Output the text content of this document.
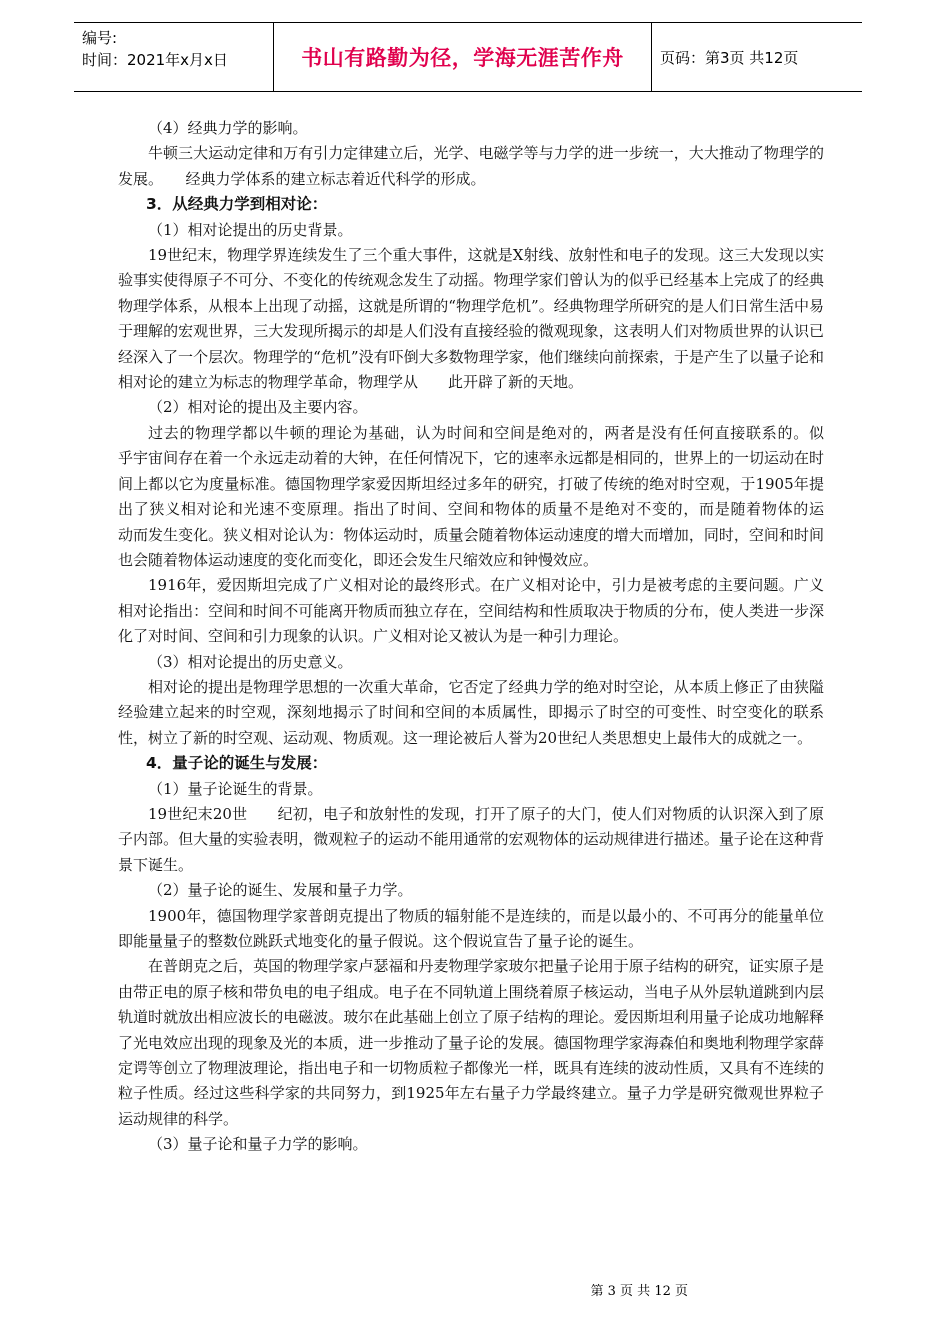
编号:
时间：2021年x月x日	书山有路勤为径，学海无涯苦作舟	页码：第3页 共12页

（4）经典力学的影响。

牛顿三大运动定律和万有引力定律建立后，光学、电磁学等与力学的进一步统一，大大推动了物理学的发展。　　经典力学体系的建立标志着近代科学的形成。

3．从经典力学到相对论：

（1）相对论提出的历史背景。

19世纪末，物理学界连续发生了三个重大事件，这就是X射线、放射性和电子的发现。这三大发现以实验事实使得原子不可分、不变化的传统观念发生了动摇。物理学家们曾认为的似乎已经基本上完成了的经典物理学体系，从根本上出现了动摇，这就是所谓的“物理学危机”。经典物理学所研究的是人们日常生活中易　　于理解的宏观世界，三大发现所揭示的却是人们没有直接经验的微观现象，这表明人们对物质世界的认识已经深入了一个层次。物理学的“危机”没有吓倒大多数物理学家，他们继续向前探索，于是产生了以量子论和相对论的建立为标志的物理学革命，物理学从　　此开辟了新的天地。

（2）相对论的提出及主要内容。

过去的物理学都以牛顿的理论为基础，认为时间和空间是绝对的，两者是没有任何直接联系的。似　　乎宇宙间存在着一个永远走动着的大钟，在任何情况下，它的速率永远都是相同的，世界上的一切运动在时间上都以它为度量标准。德国物理学家爱因斯坦经过多年的研究，打破了传统的绝对时空观，于1905年提出了狭义相对论和光速不变原理。指出了时间、空间和物体的质量不是绝对不变的，而是随着物体的运　　动而发生变化。狭义相对论认为：物体运动时，质量会随着物体运动速度的增大而增加，同时，空间和时间也会随着物体运动速度的变化而变化，即还会发生尺缩效应和钟慢效应。

1916年，爱因斯坦完成了广义相对论的最终形式。在广义相对论中，引力是被考虑的主要问题。广义相对论指出：空间和时间不可能离开物质而独立存在，空间结构和性质取决于物质的分布，使人类进一步深　　化了对时间、空间和引力现象的认识。广义相对论又被认为是一种引力理论。

（3）相对论提出的历史意义。

相对论的提出是物理学思想的一次重大革命，它否定了经典力学的绝对时空论，从本质上修正了由狭隘经验建立起来的时空观，深刻地揭示了时间和空间的本质属性，即揭示了时空的可变性、时空变化的联系性，树立了新的时空观、运动观、物质观。这一理论被后人誉为20世纪人类思想史上最伟大的成就之一。

4．量子论的诞生与发展：

（1）量子论诞生的背景。

19世纪末20世　　纪初，电子和放射性的发现，打开了原子的大门，使人们对物质的认识深入到了原子内部。但大量的实验表明，微观粒子的运动不能用通常的宏观物体的运动规律进行描述。量子论在这种背景下诞生。

（2）量子论的诞生、发展和量子力学。

1900年，德国物理学家普朗克提出了物质的辐射能不是连续的，而是以最小的、不可再分的能量单位即能量量子的整数位跳跃式地变化的量子假说。这个假说宣告了量子论的诞生。

在普朗克之后，英国的物理学家卢瑟福和丹麦物理学家玻尔把量子论用于原子结构的研究，证实原子是由带正电的原子核和带负电的电子组成。电子在不同轨道上围绕着原子核运动，当电子从外层轨道跳到内层轨道时就放出相应波长的电磁波。玻尔在此基础上创立了原子结构的理论。爱因斯坦利用量子论成功地解释了光电效应出现的现象及光的本质，进一步推动了量子论的发展。德国物理学家海森伯和奥地利物理学家薛定谔等创立了物理波理论，指出电子和一切物质粒子都像光一样，既具有连续的波动性质，又具有不连续的粒子性质。经过这些科学家的共同努力，到1925年左右量子力学最终建立。量子力学是研究微观世界粒子运动规律的科学。

（3）量子论和量子力学的影响。

第 3 页 共 12 页
